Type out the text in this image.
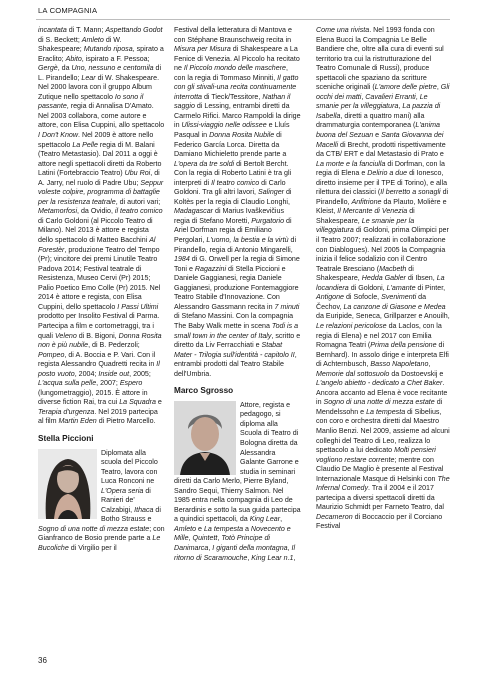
LA COMPAGNIA

incantata di T. Mann; Aspettando Godot di S. Beckett; Amleto di W. Shakespeare; Mutando riposa, spirato a Eraclito; Abito, ispirato a F. Pessoa; Gergè, da Uno, nessuno e centomila di L. Pirandello; Lear di W. Shakespeare. Nel 2000 lavora con il gruppo Album Zutique nello spettacolo Io sono il passante, regia di Annalisa D'Amato. Nel 2003 collabora, come autore e attore, con Elisa Cuppini, allo spettacolo I Don't Know. Nel 2009 è attore nello spettacolo La Pelle regia di M. Balani (Teatro Metastasio). Dal 2011 a oggi è attore negli spettacoli diretti da Roberto Latini (Fortebraccio Teatro) Ubu Roi, di A. Jarry, nel ruolo di Padre Ubu; Seppur voleste colpire, programma di battaglie per la resistenza teatrale, di autori vari; Metamorfosi, da Ovidio, il teatro comico di Carlo Goldoni (al Piccolo Teatro di Milano). Nel 2013 è attore e regista dello spettacolo di Matteo Bacchini Al Forestèr, produzione Teatro del Tempo (Pr); vincitore dei premi Linutile Teatro Padova 2014; Festival teatrale di Resistenza, Museo Cervi (Pr) 2015; Palio Poetico Emo Colle (Pr) 2015. Nel 2014 è attore e regista, con Elisa Cuppini, dello spettacolo I Passi Ultimi prodotto per Insolito Festival di Parma. Partecipa a film e cortometraggi, tra i quali Veleno di B. Bigoni, Donna Rosita non è più nubile, di B. Pederzoli; Pompeo, di A. Boccia e P. Vari. Con il regista Alessandro Quadretti recita in Il posto vuoto, 2004; Inside out, 2005; L'acqua sulla pelle, 2007; Espero (lungometraggio), 2015. È attore in diverse fiction Rai, tra cui La Squadra e Terapia d'urgenza. Nel 2019 partecipa al film Martin Eden di Pietro Marcello.

Stella Piccioni

Diplomata alla scuola del Piccolo Teatro, lavora con Luca Ronconi ne L'Opera seria di Ranieri de' Calzabigi, Ithaca di Botho Strauss e Sogno di una notte di mezza estate; con Gianfranco de Bosio prende parte a Le Bucoliche di Virgilio per il

Festival della letteratura di Mantova e con Stéphane Braunschweig recita in Misura per Misura di Shakespeare a La Fenice di Venezia. Al Piccolo ha recitato ne Il Piccolo mondo delle maschere, con la regia di Tommaso Minniti, Il gatto con gli stivali-una recita continuamente interrotta di Tieck/Tessitore, Nathan il saggio di Lessing, entrambi diretti da Carmelo Rifici. Marco Rampoldi la dirige in Ulissi-viaggio nelle odissee e Lluís Pasqual in Donna Rosita Nubile di Federico García Lorca. Diretta da Damiano Michieletto prende parte a L'opera da tre soldi di Bertolt Bercht. Con la regia di Roberto Latini è tra gli interpreti di Il teatro comico di Carlo Goldoni. Tra gli altri lavori, Salinger di Koltès per la regia di Claudio Longhi, Madagascar di Marius Ivaškevičius regia di Stefano Moretti, Purgatorio di Ariel Dorfman regia di Emiliano Pergolari, L'uomo, la bestia e la virtù di Pirandello, regia di Antonio Mingarelli, 1984 di G. Orwell per la regia di Simone Toni e Ragazzini di Stella Piccioni e Daniele Gaggianesi, regia Daniele Gaggianesi, produzione Fontemaggiore Teatro Stabile d'Innovazione. Con Alessandro Gassmann recita in 7 minuti di Stefano Massini. Con la compagnia The Baby Walk mette in scena Todi is a small town in the center of Italy, scritto e diretto da Liv Ferracchiati e Stabat Mater - Trilogia sull'identità - capitolo II, entrambi prodotti dal Teatro Stabile dell'Umbria.

Marco Sgrosso

Attore, regista e pedagogo, si diploma alla Scuola di Teatro di Bologna diretta da Alessandra Galante Garrone e studia in seminari diretti da Carlo Merlo, Pierre Byland, Sandro Sequi, Thierry Salmon. Nel 1985 entra nella compagnia di Leo de Berardinis e sotto la sua guida partecipa a quindici spettacoli, da King Lear, Amleto e La tempesta a Novecento e Mille, Quintett, Totò Principe di Danimarca, I giganti della montagna, Il ritorno di Scaramouche, King Lear n.1,

Come una rivista. Nel 1993 fonda con Elena Bucci la Compagnia Le Belle Bandiere che, oltre alla cura di eventi sul territorio tra cui la ristrutturazione del Teatro Comunale di Russi), produce spettacoli che spaziano da scritture sceniche originali (L'amore delle pietre, Gli occhi dei matti, Cavalieri Erranti, Le smanie per la villeggiatura, La pazzia di Isabella, diretti a quattro mani) alla drammaturgia contemporanea (L'anima buona del Sezuan e Santa Giovanna dei Macelli di Brecht, prodotti rispettivamente da CTB/ ERT e dal Metastasio di Prato e La morte e la fanciulla di Dorfman, con la regia di Elena e Delirio a due di Ionesco, diretto insieme per il TPE di Torino), e alla rilettura dei classici (Il berretto a sonagli di Pirandello, Anfitrione da Plauto, Molière e Kleist, Il Mercante di Venezia di Shakespeare, Le smanie per la villeggiatura di Goldoni, prima Olimpici per il Teatro 2007; realizzati in collaborazione con Diablogues). Nel 2005 la Compagnia inizia il felice sodalizio con il Centro Teatrale Bresciano (Macbeth di Shakespeare, Hedda Gabler di Ibsen, La locandiera di Goldoni, L'amante di Pinter, Antigone di Sofocle, Svenimenti da Čechov, La canzone di Giasone e Medea da Euripide, Seneca, Grillparzer e Anouilh, Le relazioni pericolose da Laclos, con la regia di Elena) e nel 2017 con Emilia Romagna Teatri (Prima della pensione di Bernhard). In assolo dirige e interpreta Elfi di Achternbusch, Basso Napoletano, Memorie dal sottosuolo da Dostoevskij e L'angelo abietto - dedicato a Chet Baker. Ancora accanto ad Elena è voce recitante in Sogno di una notte di mezza estate di Mendelssohn e La tempesta di Sibelius, con coro e orchestra diretti dal Maestro Manlio Benzi. Nel 2009, assieme ad alcuni colleghi del Teatro di Leo, realizza lo spettacolo a lui dedicato Molti pensieri vogliono restare corrente; mentre con Claudio De Maglio è presente al Festival Internazionale Masque di Helsinki con The Infernal Comedy. Tra il 2004 e il 2017 partecipa a diversi spettacoli diretti da Maurizio Schmidt per Farneto Teatro, dal Decameron di Boccaccio per il Corciano Festival

36
